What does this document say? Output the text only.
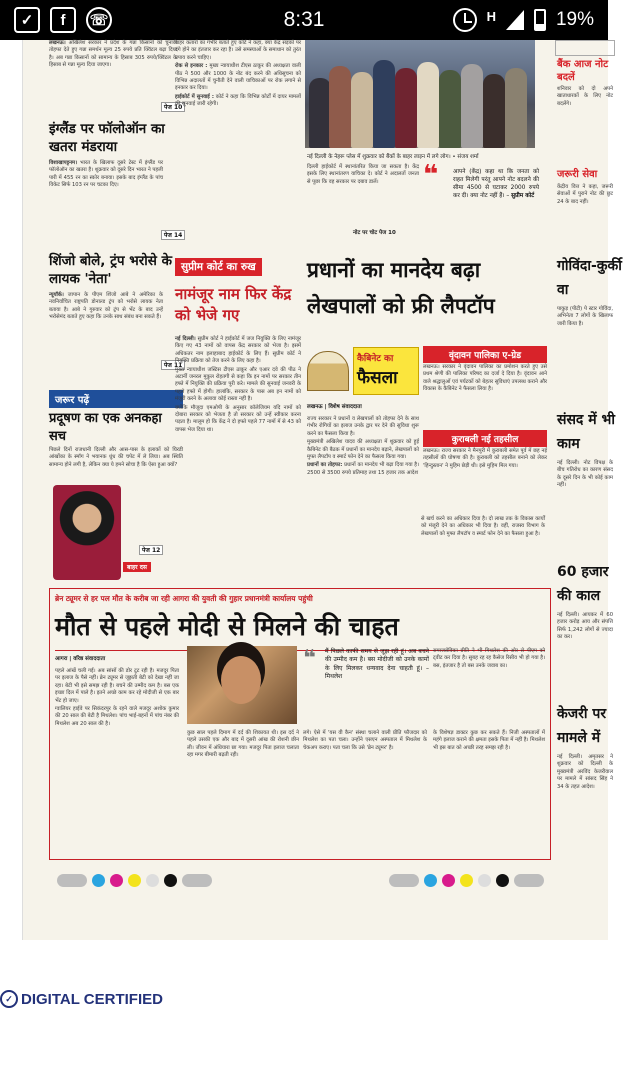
✓	f	☏	8:31	H	19%

लखनऊ। अखिलेश सरकार ने प्रदेश के गन्ना किसानों को चुनावी तोहफा देते हुए गन्ना समर्थन मूल्य 25 रुपये प्रति क्विंटल बढ़ा दिया है। अब गन्ना किसानों को सामान्य के हिसाब 305 रुपये/क्विंटल के हिसाब से गन्ना मूल्य दिया जाएगा।

पेज 10
इंग्लैंड पर फॉलोऑन का खतरा मंडराया

विशाखापट्टनम। भारत के खिलाफ दूसरे टेस्ट में इंग्लैंड पर फॉलोऑन का खतरा है। शुक्रवार को दूसरे दिन भारत ने पहली पारी में 455 रन का स्कोर बनाया। इसके बाद इंग्लैंड के पांच विकेट सिर्फ 103 रन पर चटका दिए।

पेज 14
शिंजो बोले, ट्रंप भरोसे के लायक 'नेता'

न्यूयॉर्क। जापान के पीएम शिंजो आबे ने अमेरिका के नवनिर्वाचित राष्ट्रपति डोनाल्ड ट्रंप को भरोसे लायक नेता बताया है। आबे ने गुरुवार को ट्रंप से भेंट के बाद उन्हें भरोसेमंद बताते हुए कहा कि उनके साथ संबंध बना सकते हैं।

पेज 11
जरूर पढ़ें
प्रदूषण का एक अनकहा सच

पिछले दिनों राजधानी दिल्ली और आस-पास के इलाकों को घिरडी आंखोंका के स्मॉग ने भयानक धुंध की चपेट में ले लिया। अब स्थिति सामान्य होने लगी है, लेकिन क्या ये हमने सोचा है कि ऐसा हुआ क्यों?

पेज 12
बाहर दस

बाहर कतारों का गंभीर बताते हुए कोर्ट ने कहा, क्या केंद्र सड़कों पर दंगे होने का इंतजार कर रहा है। उसे समस्याओं के समाधान को तुरंत उपाय करने चाहिए।

रोक से इनकार : मुख्य न्यायाधीश टीएस ठाकुर की अध्यक्षता वाली पीठ ने 500 और 1000 के नोट बंद करने की अधिसूचना को विभिन्न अदालतों में चुनौती देने वाली याचिकाओं पर रोक लगाने से इनकार कर दिया।

हाईकोर्ट में सुनवाई : कोर्ट ने कहा कि विभिन्न कोर्टों में दायर मामलों की सुनवाई जारी रहेगी।

नई दिल्ली के नेहरू प्लेस में शुक्रवार को बैंकों के बाहर लाइन में लगे लोग। • संजय शर्मा

दिल्ली हाईकोर्ट में स्थानांतरित किया जा सकता है। केंद्र इसके लिए स्थानांतरण याचिका दे। कोर्ट ने अदालतों जनता से पूछा कि वह सरकार पर दबाव डालें।

नोट पर चोट पेज 10
❝	आपने (केंद्र) कहा था कि जनता को राहत मिलेगी परंतु आपने नोट बदलने की सीमा 4500 से घटाकर 2000 रुपये कर दी। क्या नोट नहीं हैं। – सुप्रीम कोर्ट

बैंक आज नोट बदलें

शनिवार को दो अपने खाताधारकों के लिए नोट बदलेंगे।

जरूरी सेवा

केंद्रीय वित्त ने कहा, जरूरी सेवाओं में पुराने नोट की छूट 24 के बाद नहीं।

गोविंदा-कुर्की वा

पाकुड़ (पीटी) पे स्टार गोविंदा, अभिनेता 7 लोगों के खिलाफ जारी किया है।

संसद में भी काम

नई दिल्ली। नोट विपक्ष के बीच गतिरोध का कारण संसद के दूसरे दिन के भी कोई काम नहीं।

60 हजार की काल

नई दिल्ली। आयकर में 60 हजार करोड़ आय और संपत्ति सिर्फ 1,242 लोगों से ज्यादा का कर।

केजरी पर मामले में

नई दिल्ली। अमृतसर ने शुक्रवार को दिल्ली के मुख्यमंत्री अरविंद केजरीवाल पर मामले में सांसद सिंह ने 34 के तहत आदेश।

सुप्रीम कोर्ट का रुख
नामंजूर नाम फिर केंद्र को भेजे गए

नई दिल्ली। सुप्रीम कोर्ट ने हाईकोर्ट में जज नियुक्ति के लिए नामंजूर किए गए 43 नामों को वापस केंद्र सरकार को भेजा है। इसमें अधिकतर नाम इलाहाबाद हाईकोर्ट के लिए हैं। सुप्रीम कोर्ट ने नियुक्ति प्रक्रिया को तेज करने के लिए कहा है।

मुख्य न्यायाधीश जस्टिस टीएस ठाकुर और एआर दवे की पीठ ने अटार्नी जनरल मुकुल रोहतगी से कहा कि इन नामों पर सरकार तीन हफ्ते में नियुक्ति की प्रक्रिया पूरी करे। मामले की सुनवाई जनवरी के पहले हफ्ते में होगी। हालांकि, सरकार के पास अब इन नामों को मंजूरी करने के अलावा कोई रास्ता नहीं है।

क्योंकि मौजूदा एमओपी के अनुसार कॉलेजियम यदि नामों को दोबारा सरकार को भेजता है तो सरकार को उन्हें स्वीकार करना पड़ता है। मालूम हो कि केंद्र ने दो हफ्ते पहले 77 नामों में से 43 को वापस भेज दिया था।

प्रधानों का मानदेय बढ़ा लेखपालों को फ्री लैपटॉप
कैबिनेट का
फैसला
लखनऊ | विशेष संवाददाता

राज्य सरकार ने प्रधानों व लेखपालों को तोहफा देने के साथ गंभीर रोगियों का इलाज उनके द्वार पर देने की सुविधा शुरू करने का फैसला किया है।

मुख्यमंत्री अखिलेश यादव की अध्यक्षता में शुक्रवार को हुई कैबिनेट की बैठक में प्रधानों का मानदेय बढ़ाने, लेखपालों को मुफ्त लैपटॉप व स्मार्ट फोन देने का फैसला किया गया।

प्रधानों का तोहफा: प्रधानों का मानदेय भी बढ़ा दिया गया है। 2500 से 3500 रुपये प्रतिमाह तथा 15 हजार तक आदेश

से खर्च करने का अधिकार दिया है। दो लाख तक के विकास कार्यों को मंजूरी देने का अधिकार भी दिया है। वहीं, राजस्व विभाग के लेखपालों को मुफ्त लैपटॉप व स्मार्ट फोन देने का फैसला हुआ है।

वृंदावन पालिका ए-ग्रेड

लखनऊ। सरकार ने वृंदावन पालिका का प्रमोशन करते हुए उसे प्रथम श्रेणी की पालिका परिषद का दर्जा दे दिया है। वृंदावन आने वाले श्रद्धालुओं एवं पर्यटकों को बेहतर सुविधाएं उपलब्ध कराने और विकास के कैबिनेट ने फैसला लिया है।

कुराबली नई तहसील

लखनऊ। राज्य सरकार ने मैनपुरी में कुराबली समेत पूर्व में छह नई तहसीलों की घोषणा की है। कुराबली को तहसील बनाने को लेकर 'हिन्दुस्तान' ने मुहिम छेड़ी थी। इसे मुहिम मिल गया।

ब्रेन ट्यूमर से हर पल मौत के करीब जा रही आगरा की युवती की गुहार प्रधानमंत्री कार्यालय पहुंची
मौत से पहले मोदी से मिलने की चाहत
आगरा | वरिष्ठ संवाददाता

पहले आंखें चली गईं। अब सांसों की डोर टूट रही है। मजदूर पिता पर इलाज के पैसे नहीं। ब्रेन ट्यूमर से जूझती बेटी को देखा नहीं जा रहा। बेटी भी इसे समझ रही है। बचने की उम्मीद कम है। बस एक इच्छा दिल में पाले है। इतने अच्छे काम कर रहे मोदीजी से एक बार भेंट हो जाए।

ग्वालियर हाईवे पर सिकंदरपुर के रहने वाले मजदूर अशोक कुमार की 20 साल की बेटी है मिथलेश। पांच भाई-बहनों में पांच नंबर की मिथलेश अब 20 साल की है।

❝ मैं पिछले काफी समय से जूझ रही हूं। अब बचने की उम्मीद कम है। बस मोदीजी को उनके कामों के लिए मिलकर धन्यवाद देना चाहती हूं। – मिथलेश

कुछ साल पहले दिमाग में दर्द की शिकायत थी। इस दर्द ने पहले उसकी एक और बाद में दूसरी आंख की रोशनी छीन ली। जीवन में अंधियारा छा गया। मजदूर पिता इलाज चलाता रहा मगर बीमारी बढ़ती रही।

लगे। ऐसे में 'यस वी कैन' संस्था चलाने वाली प्रीति फौजदार को मिथलेश का पता चला। उन्होंने एसएन अस्पताल में मिथलेश के चेकअप कराए। पता चला कि उसे 'ब्रेन ट्यूमर' है।

समाजसेविका प्रीति ने भी मिथलेश की ओर से पीएम को ट्वीट कर दिया है। सुबह रह रह कैसेज रिसीव भी हो गया है। बस, इंतजार है तो बस उनके जवाब का।

के विशेषज्ञ डाक्टर कुछ कर सकते हैं। निजी अस्पतालों में महंगे इलाज कराने की क्षमता इसके पिता में नहीं है। मिथलेश भी इस बात को अच्छी तरह समझ रही है।

✓ DIGITAL CERTIFIED
